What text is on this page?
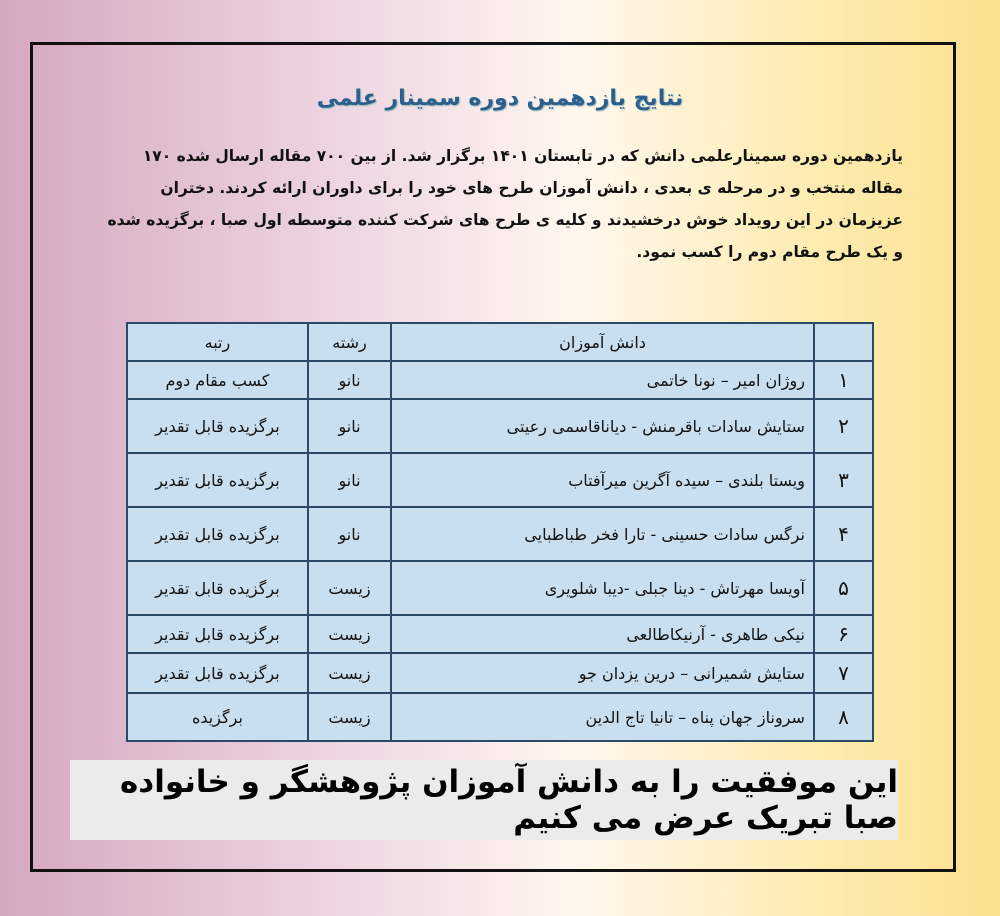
نتایج یازدهمین دوره سمینار علمی
یازدهمین دوره سمینارعلمی دانش که در تابستان ۱۴۰۱ برگزار شد. از بین ۷۰۰ مقاله ارسال شده ۱۷۰ مقاله منتخب و در مرحله ی بعدی ، دانش آموزان طرح های خود را برای داوران ارائه کردند. دختران عزیزمان در این رویداد خوش درخشیدند و کلیه ی طرح های شرکت کننده متوسطه اول صبا ، برگزیده شده و یک طرح مقام دوم را کسب نمود.
	دانش آموزان	رشته	رتبه
۱	روژان امیر – نونا خاتمی	نانو	کسب مقام دوم
۲	ستایش سادات باقرمنش - دیاناقاسمی رعیتی	نانو	برگزیده قابل تقدیر
۳	ویستا بلندی – سیده آگرین میرآفتاب	نانو	برگزیده قابل تقدیر
۴	نرگس سادات حسینی - تارا فخر طباطبایی	نانو	برگزیده قابل تقدیر
۵	آویسا مهرتاش - دینا جبلی -دیبا شلویری	زیست	برگزیده قابل تقدیر
۶	نیکی طاهری - آرنیکاطالعی	زیست	برگزیده قابل تقدیر
۷	ستایش شمیرانی – درین یزدان جو	زیست	برگزیده قابل تقدیر
۸	سروناز جهان پناه – تانیا تاج الدین	زیست	برگزیده
این موفقیت را به دانش آموزان پژوهشگر و خانواده صبا تبریک عرض می کنیم
